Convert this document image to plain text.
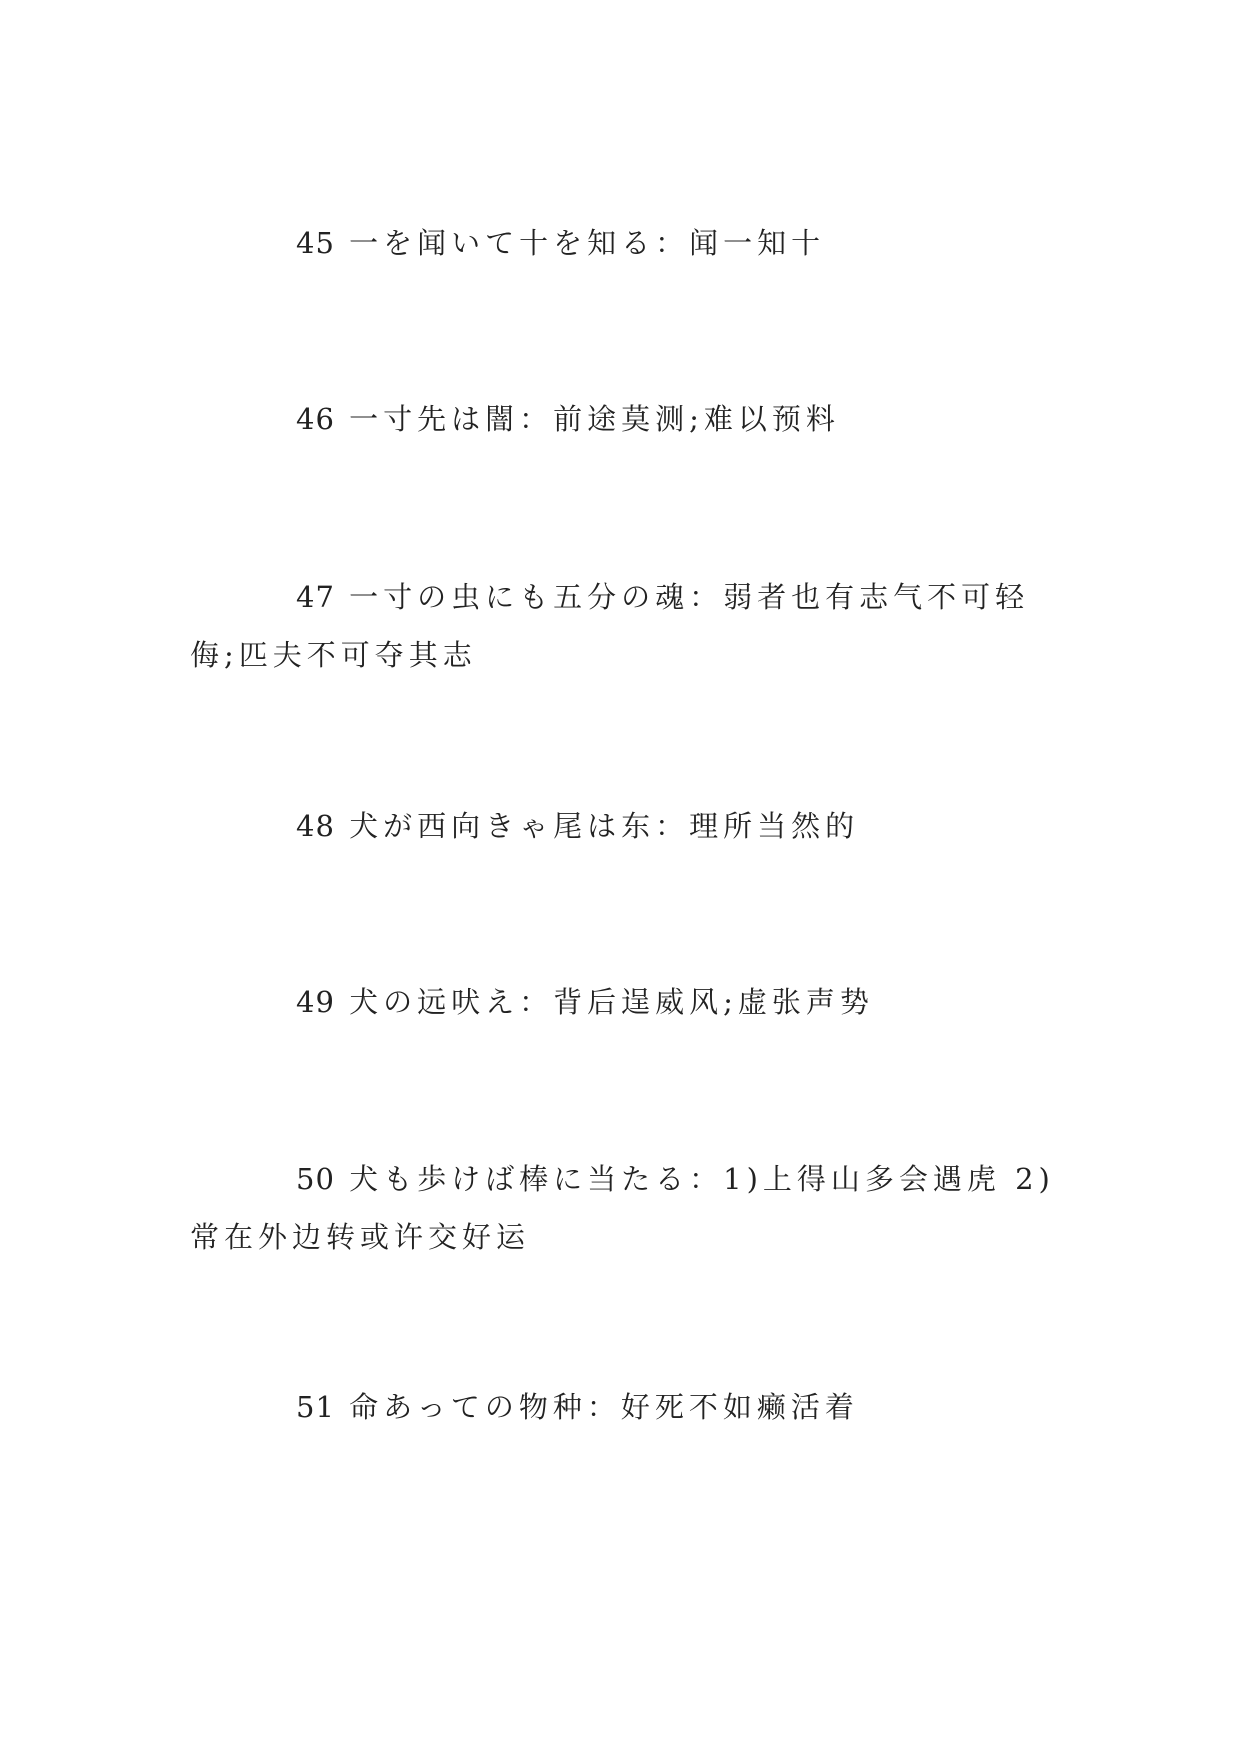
45 一を闻いて十を知る：闻一知十

46 一寸先は闇：前途莫测;难以预料

47 一寸の虫にも五分の魂：弱者也有志气不可轻侮;匹夫不可夺其志

48 犬が西向きゃ尾は东：理所当然的

49 犬の远吠え：背后逞威风;虚张声势

50 犬も歩けば棒に当たる：1)上得山多会遇虎 2)常在外边转或许交好运

51 命あっての物种：好死不如癞活着
